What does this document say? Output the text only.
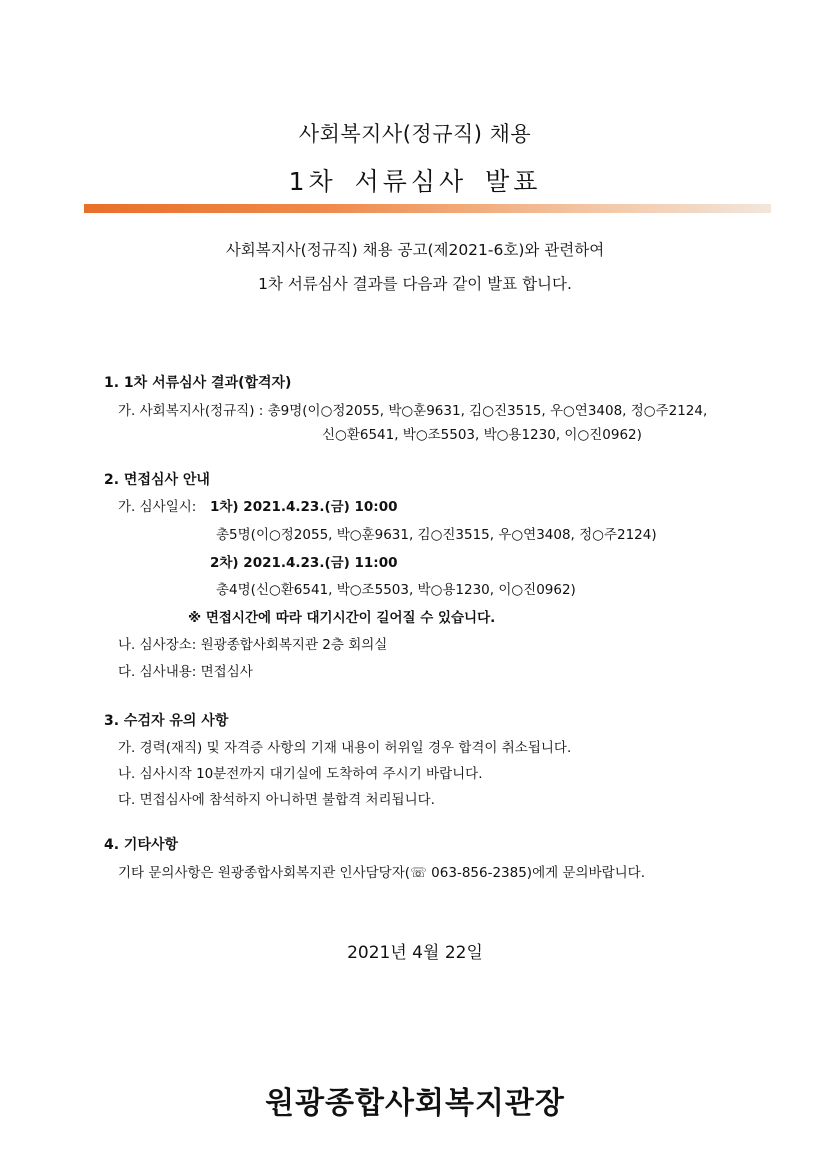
사회복지사(정규직) 채용
1차 서류심사 발표
사회복지사(정규직) 채용 공고(제2021-6호)와 관련하여
1차 서류심사 결과를 다음과 같이 발표 합니다.
1. 1차 서류심사 결과(합격자)
가. 사회복지사(정규직) : 총9명(이○정2055, 박○훈9631, 김○진3515, 우○연3408, 정○주2124,
신○환6541, 박○조5503, 박○용1230, 이○진0962)
2. 면접심사 안내
가. 심사일시: 1차) 2021.4.23.(금) 10:00
총5명(이○정2055, 박○훈9631, 김○진3515, 우○연3408, 정○주2124)
2차) 2021.4.23.(금) 11:00
총4명(신○환6541, 박○조5503, 박○용1230, 이○진0962)
※ 면접시간에 따라 대기시간이 길어질 수 있습니다.
나. 심사장소: 원광종합사회복지관 2층 회의실
다. 심사내용: 면접심사
3. 수검자 유의 사항
가. 경력(재직) 및 자격증 사항의 기재 내용이 허위일 경우 합격이 취소됩니다.
나. 심사시작 10분전까지 대기실에 도착하여 주시기 바랍니다.
다. 면접심사에 참석하지 아니하면 불합격 처리됩니다.
4. 기타사항
기타 문의사항은 원광종합사회복지관 인사담당자(☏ 063-856-2385)에게 문의바랍니다.
2021년 4월 22일
원광종합사회복지관장
